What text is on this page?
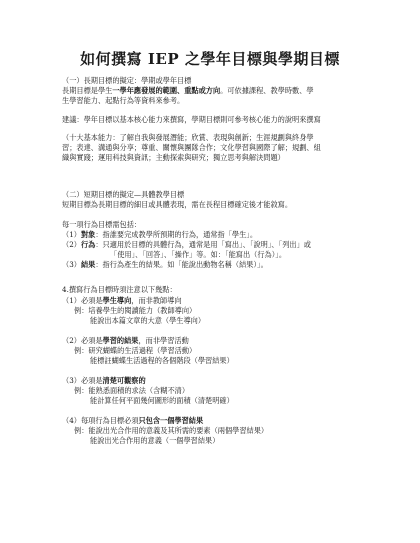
如何撰寫 IEP 之學年目標與學期目標
（一）長期目標的擬定：學期或學年目標
長期目標是學生一學年應發展的範圍、重點或方向。可依據課程、教學時數、學
生學習能力、起點行為等資料來參考。
建議：學年目標以基本核心能力來撰寫，學期目標則可參考核心能力的說明來撰寫
（十大基本能力：了解自我與發展潛能；欣賞、表現與創新；生涯規劃與終身學
習；表達、溝通與分享；尊重、關懷與團隊合作；文化學習與國際了解；規劃、組
織與實踐；運用科技與資訊；主動探索與研究；獨立思考與解決問題）
（二）短期目標的擬定—具體教學目標
短期目標為長期目標的細目或具體表現，需在長程目標確定後才能敘寫。
每一項行為目標需包括：
（1）對象：指誰要完成教學所預期的行為，通常指「學生」。
（2）行為：只適用於目標的具體行為，通常是用「寫出」、「說明」、「列出」或
「使用」、「回答」、「操作」等。如：「能寫出（行為）」。
（3）結果：指行為產生的結果。如「能說出動物名稱（結果）」。
4.撰寫行為目標時須注意以下幾點：
（1）必須是學生導向，而非教師導向
例：培養學生的閱讀能力（教師導向）
能說出本篇文章的大意（學生導向）
（2）必須是學習的結果，而非學習活動
例：研究蝴蝶的生活過程（學習活動）
能標註蝴蝶生活過程的各個階段（學習結果）
（3）必須是清楚可觀察的
例：能熟悉面積的求法（含糊不清）
能計算任何平面幾何圖形的面積（清楚明確）
（4）每項行為目標必須只包含一個學習結果
例：能說出光合作用的意義及其所需的要素（兩個學習結果）
能說出光合作用的意義（一個學習結果）
